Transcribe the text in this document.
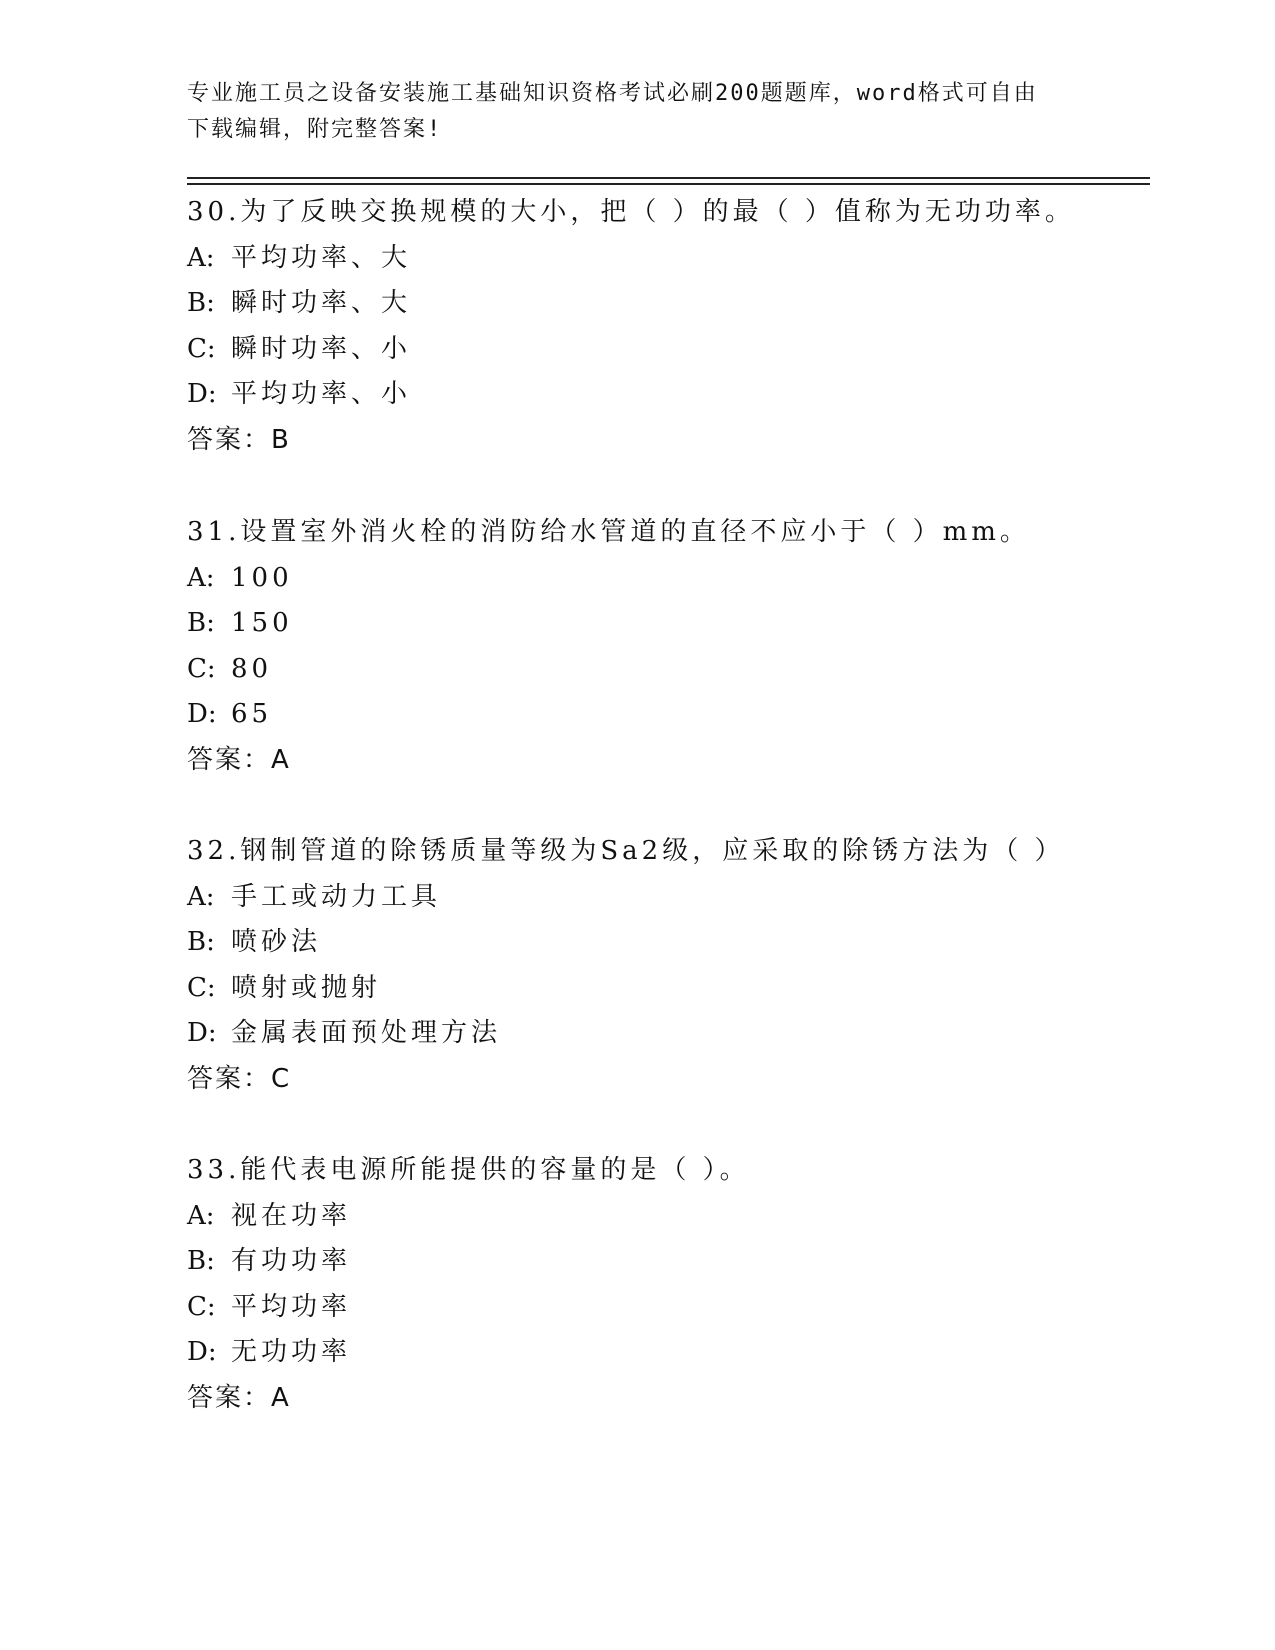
专业施工员之设备安装施工基础知识资格考试必刷200题题库，word格式可自由
下载编辑，附完整答案!
30.为了反映交换规模的大小，把（ ）的最（ ）值称为无功功率。
A: 平均功率、大
B: 瞬时功率、大
C: 瞬时功率、小
D: 平均功率、小
答案：B
31.设置室外消火栓的消防给水管道的直径不应小于（ ）mm。
A: 100
B: 150
C: 80
D: 65
答案：A
32.钢制管道的除锈质量等级为Sa2级，应采取的除锈方法为（ ）
A: 手工或动力工具
B: 喷砂法
C: 喷射或抛射
D: 金属表面预处理方法
答案：C
33.能代表电源所能提供的容量的是（ ）。
A: 视在功率
B: 有功功率
C: 平均功率
D: 无功功率
答案：A
